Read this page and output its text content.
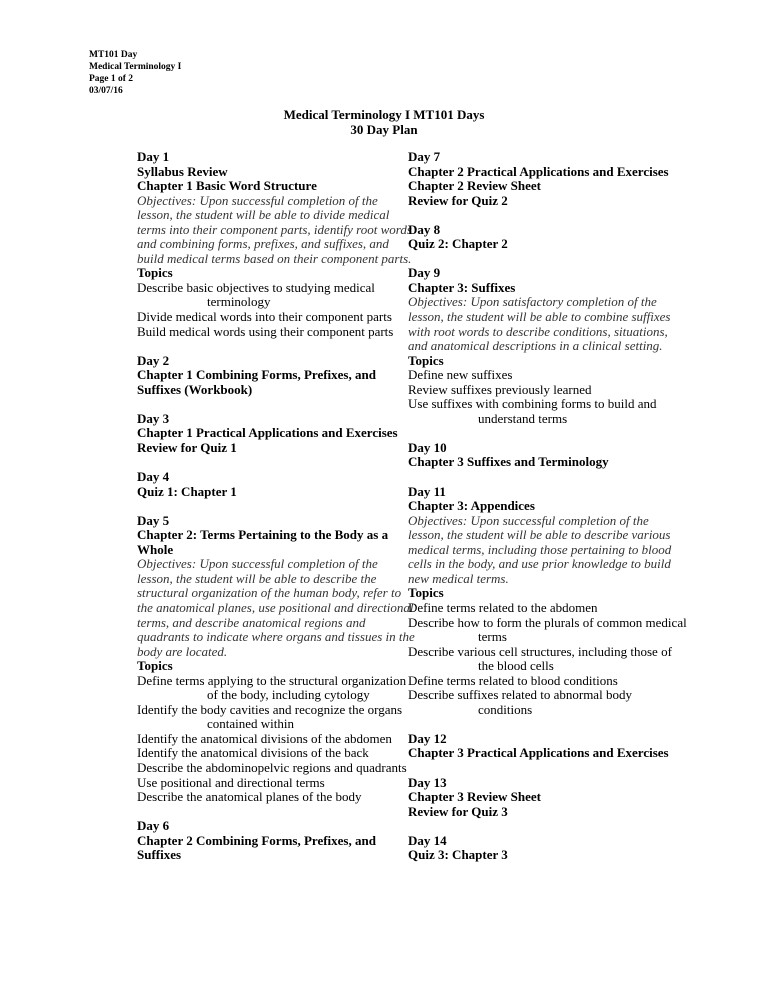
MT101 Day
Medical Terminology I
Page 1 of 2
03/07/16
Medical Terminology I MT101 Days
30 Day Plan
Day 1
Syllabus Review
Chapter 1 Basic Word Structure
Objectives: Upon successful completion of the
lesson, the student will be able to divide medical
terms into their component parts, identify root words
and combining forms, prefixes, and suffixes, and
build medical terms based on their component parts.
Topics
Describe basic objectives to studying medical
terminology
Divide medical words into their component parts
Build medical words using their component parts
Day 2
Chapter 1 Combining Forms, Prefixes, and
Suffixes (Workbook)
Day 3
Chapter 1 Practical Applications and Exercises
Review for Quiz 1
Day 4
Quiz 1: Chapter 1
Day 5
Chapter 2: Terms Pertaining to the Body as a
Whole
Objectives: Upon successful completion of the
lesson, the student will be able to describe the
structural organization of the human body, refer to
the anatomical planes, use positional and directional
terms, and describe anatomical regions and
quadrants to indicate where organs and tissues in the
body are located.
Topics
Define terms applying to the structural organization
of the body, including cytology
Identify the body cavities and recognize the organs
contained within
Identify the anatomical divisions of the abdomen
Identify the anatomical divisions of the back
Describe the abdominopelvic regions and quadrants
Use positional and directional terms
Describe the anatomical planes of the body
Day 6
Chapter 2 Combining Forms, Prefixes, and
Suffixes
Day 7
Chapter 2 Practical Applications and Exercises
Chapter 2 Review Sheet
Review for Quiz 2
Day 8
Quiz 2: Chapter 2
Day 9
Chapter 3: Suffixes
Objectives: Upon satisfactory completion of the
lesson, the student will be able to combine suffixes
with root words to describe conditions, situations,
and anatomical descriptions in a clinical setting.
Topics
Define new suffixes
Review suffixes previously learned
Use suffixes with combining forms to build and
understand terms
Day 10
Chapter 3 Suffixes and Terminology
Day 11
Chapter 3: Appendices
Objectives: Upon successful completion of the
lesson, the student will be able to describe various
medical terms, including those pertaining to blood
cells in the body, and use prior knowledge to build
new medical terms.
Topics
Define terms related to the abdomen
Describe how to form the plurals of common medical
terms
Describe various cell structures, including those of
the blood cells
Define terms related to blood conditions
Describe suffixes related to abnormal body
conditions
Day 12
Chapter 3 Practical Applications and Exercises
Day 13
Chapter 3 Review Sheet
Review for Quiz 3
Day 14
Quiz 3: Chapter 3
